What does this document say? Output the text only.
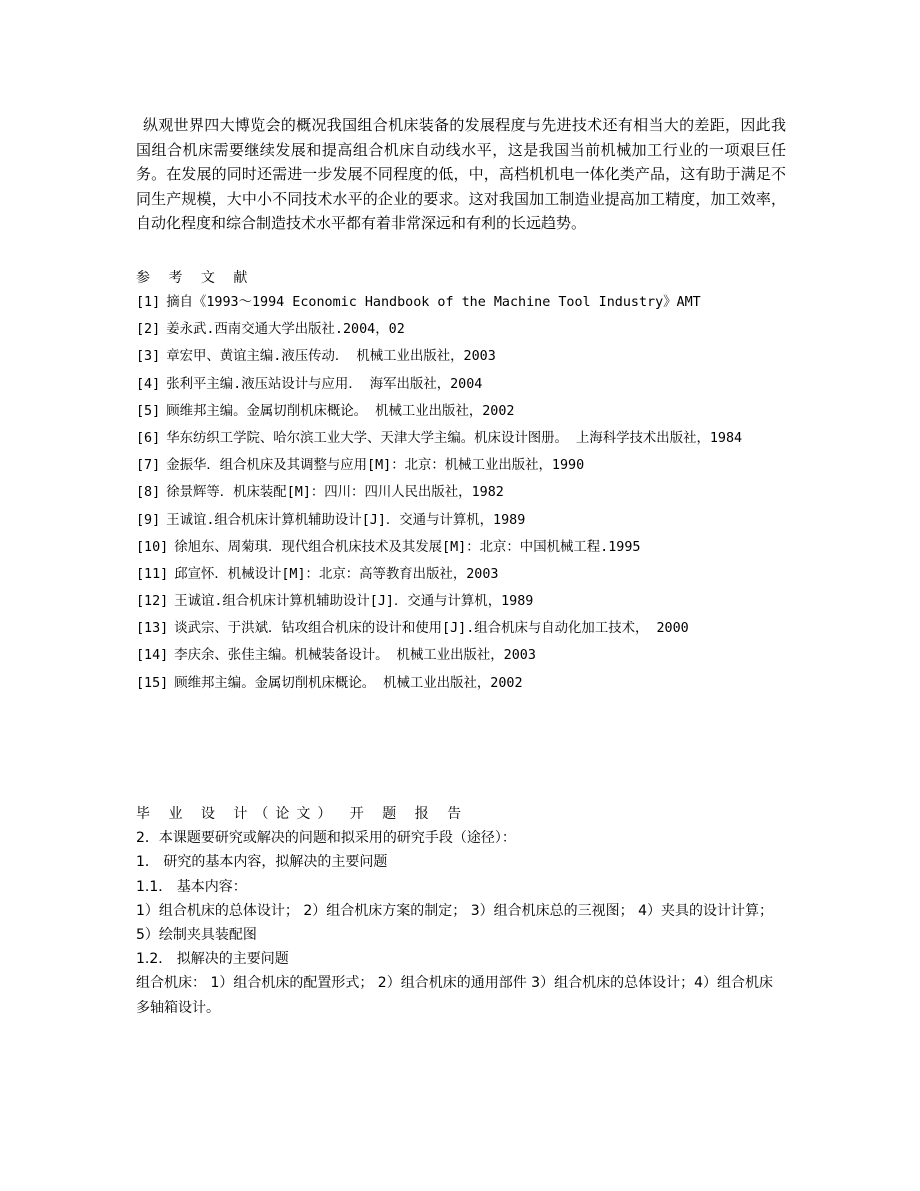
纵观世界四大博览会的概况我国组合机床装备的发展程度与先进技术还有相当大的差距，因此我国组合机床需要继续发展和提高组合机床自动线水平，这是我国当前机械加工行业的一项艰巨任务。在发展的同时还需进一步发展不同程度的低，中，高档机机电一体化类产品，这有助于满足不同生产规模，大中小不同技术水平的企业的要求。这对我国加工制造业提高加工精度，加工效率，自动化程度和综合制造技术水平都有着非常深远和有利的长远趋势。

参 考 文 献
[1] 摘自《1993～1994 Economic Handbook of the Machine Tool Industry》AMT
[2] 姜永武.西南交通大学出版社.2004，02
[3] 章宏甲、黄谊主编.液压传动． 机械工业出版社，2003
[4] 张利平主编.液压站设计与应用． 海军出版社，2004
[5] 顾维邦主编。金属切削机床概论。 机械工业出版社，2002
[6] 华东纺织工学院、哈尔滨工业大学、天津大学主编。机床设计图册。 上海科学技术出版社，1984
[7] 金振华．组合机床及其调整与应用[M]：北京：机械工业出版社，1990
[8] 徐景辉等．机床装配[M]：四川：四川人民出版社，1982
[9] 王诚谊.组合机床计算机辅助设计[J]．交通与计算机，1989
[10] 徐旭东、周菊琪．现代组合机床技术及其发展[M]：北京：中国机械工程.1995
[11] 邱宣怀．机械设计[M]：北京：高等教育出版社，2003
[12] 王诚谊.组合机床计算机辅助设计[J]．交通与计算机，1989
[13] 谈武宗、于洪斌．钻攻组合机床的设计和使用[J].组合机床与自动化加工技术， 2000
[14] 李庆余、张佳主编。机械装备设计。 机械工业出版社，2003
[15] 顾维邦主编。金属切削机床概论。 机械工业出版社，2002
毕 业 设 计（论文） 开 题 报 告
2．本课题要研究或解决的问题和拟采用的研究手段（途径）：
1． 研究的基本内容，拟解决的主要问题
1.1． 基本内容：
1）组合机床的总体设计； 2）组合机床方案的制定； 3）组合机床总的三视图； 4）夹具的设计计算； 5）绘制夹具装配图
1.2． 拟解决的主要问题
组合机床： 1）组合机床的配置形式； 2）组合机床的通用部件 3）组合机床的总体设计；4）组合机床多轴箱设计。
